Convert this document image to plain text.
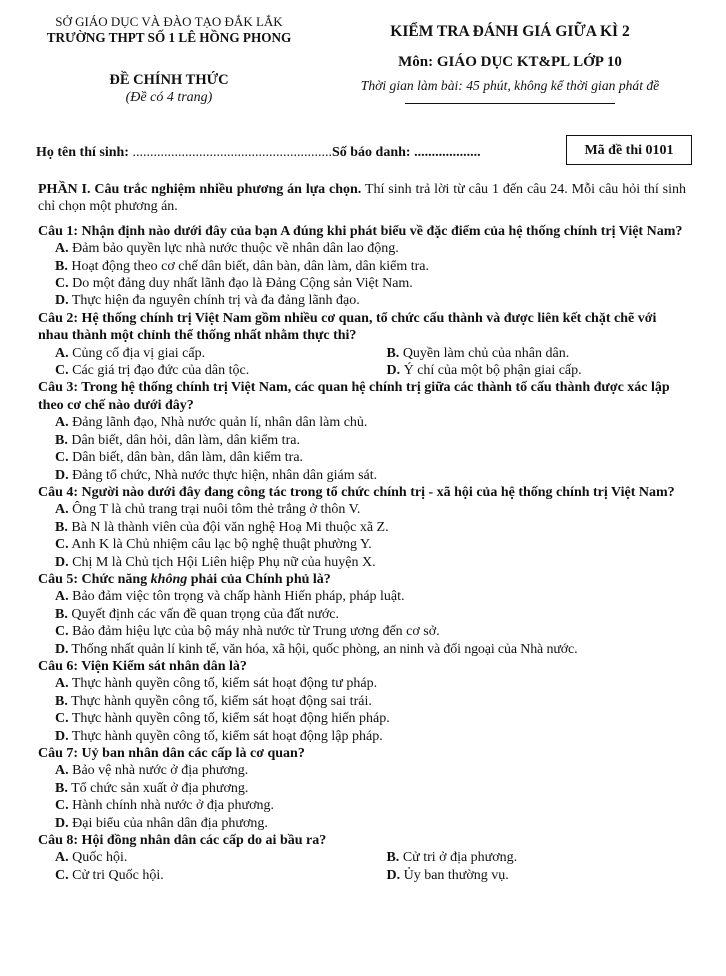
SỞ GIÁO DỤC VÀ ĐÀO TẠO ĐẮK LẮK
TRƯỜNG THPT SỐ 1 LÊ HỒNG PHONG
ĐỀ CHÍNH THỨC
(Đề có 4 trang)
KIỂM TRA ĐÁNH GIÁ GIỮA KÌ 2
Môn: GIÁO DỤC KT&PL LỚP 10
Thời gian làm bài: 45 phút, không kể thời gian phát đề
Họ tên thí sinh: .........................................................Số báo danh: ...................	Mã đề thi 0101
PHẦN I. Câu trắc nghiệm nhiều phương án lựa chọn. Thí sinh trả lời từ câu 1 đến câu 24. Mỗi câu hỏi thí sinh chỉ chọn một phương án.
Câu 1: Nhận định nào dưới đây của bạn A đúng khi phát biểu về đặc điểm của hệ thống chính trị Việt Nam?
A. Đảm bảo quyền lực nhà nước thuộc về nhân dân lao động.
B. Hoạt động theo cơ chế dân biết, dân bàn, dân làm, dân kiểm tra.
C. Do một đảng duy nhất lãnh đạo là Đảng Cộng sản Việt Nam.
D. Thực hiện đa nguyên chính trị và đa đảng lãnh đạo.
Câu 2: Hệ thống chính trị Việt Nam gồm nhiều cơ quan, tổ chức cấu thành và được liên kết chặt chẽ với nhau thành một chỉnh thể thống nhất nhằm thực thi?
A. Củng cố địa vị giai cấp.	B. Quyền làm chủ của nhân dân.
C. Các giá trị đạo đức của dân tộc.	D. Ý chí của một bộ phận giai cấp.
Câu 3: Trong hệ thống chính trị Việt Nam, các quan hệ chính trị giữa các thành tố cấu thành được xác lập theo cơ chế nào dưới đây?
A. Đảng lãnh đạo, Nhà nước quản lí, nhân dân làm chủ.
B. Dân biết, dân hỏi, dân làm, dân kiểm tra.
C. Dân biết, dân bàn, dân làm, dân kiểm tra.
D. Đảng tổ chức, Nhà nước thực hiện, nhân dân giám sát.
Câu 4: Người nào dưới đây đang công tác trong tổ chức chính trị - xã hội của hệ thống chính trị Việt Nam?
A. Ông T là chủ trang trại nuôi tôm thẻ trắng ở thôn V.
B. Bà N là thành viên của đội văn nghệ Hoạ Mi thuộc xã Z.
C. Anh K là Chủ nhiệm câu lạc bộ nghệ thuật phường Y.
D. Chị M là Chủ tịch Hội Liên hiệp Phụ nữ của huyện X.
Câu 5: Chức năng không phải của Chính phủ là?
A. Bảo đảm việc tôn trọng và chấp hành Hiến pháp, pháp luật.
B. Quyết định các vấn đề quan trọng của đất nước.
C. Bảo đảm hiệu lực của bộ máy nhà nước từ Trung ương đến cơ sở.
D. Thống nhất quản lí kinh tế, văn hóa, xã hội, quốc phòng, an ninh và đối ngoại của Nhà nước.
Câu 6: Viện Kiểm sát nhân dân là?
A. Thực hành quyền công tố, kiểm sát hoạt động tư pháp.
B. Thực hành quyền công tố, kiểm sát hoạt động sai trái.
C. Thực hành quyền công tố, kiểm sát hoạt động hiến pháp.
D. Thực hành quyền công tố, kiểm sát hoạt động lập pháp.
Câu 7: Uỷ ban nhân dân các cấp là cơ quan?
A. Bảo vệ nhà nước ở địa phương.
B. Tổ chức sản xuất ở địa phương.
C. Hành chính nhà nước ở địa phương.
D. Đại biểu của nhân dân địa phương.
Câu 8: Hội đồng nhân dân các cấp do ai bầu ra?
A. Quốc hội.	B. Cử tri ở địa phương.
C. Cử tri Quốc hội.	D. Ủy ban thường vụ.
